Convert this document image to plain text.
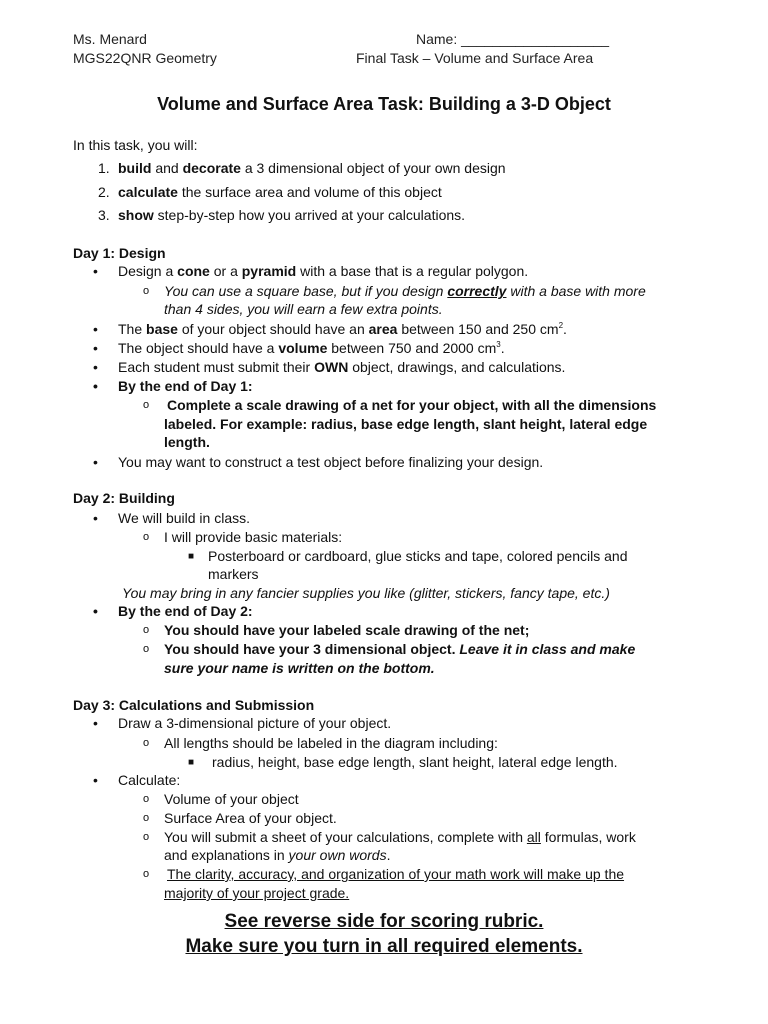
Ms. Menard
MGS22QNR Geometry
Name: ___________________
Final Task – Volume and Surface Area
Volume and Surface Area Task: Building a 3-D Object
In this task, you will:
1. build and decorate a 3 dimensional object of your own design
2. calculate the surface area and volume of this object
3. show step-by-step how you arrived at your calculations.
Day 1: Design
• Design a cone or a pyramid with a base that is a regular polygon.
o You can use a square base, but if you design correctly with a base with more
than 4 sides, you will earn a few extra points.
• The base of your object should have an area between 150 and 250 $cm^2$.
• The object should have a volume between 750 and 2000 $cm^3$.
• Each student must submit their OWN object, drawings, and calculations.
• By the end of Day 1:
o Complete a scale drawing of a net for your object, with all the dimensions
labeled. For example: radius, base edge length, slant height, lateral edge
length.
• You may want to construct a test object before finalizing your design.
Day 2: Building
• We will build in class.
o I will provide basic materials:
■ Posterboard or cardboard, glue sticks and tape, colored pencils and
markers
You may bring in any fancier supplies you like (glitter, stickers, fancy tape, etc.)
• By the end of Day 2:
o You should have your labeled scale drawing of the net;
o You should have your 3 dimensional object. Leave it in class and make
sure your name is written on the bottom.
Day 3: Calculations and Submission
• Draw a 3-dimensional picture of your object.
o All lengths should be labeled in the diagram including:
■ radius, height, base edge length, slant height, lateral edge length.
• Calculate:
o Volume of your object
o Surface Area of your object.
o You will submit a sheet of your calculations, complete with all formulas, work
and explanations in your own words.
o The clarity, accuracy, and organization of your math work will make up the
majority of your project grade.
See reverse side for scoring rubric.
Make sure you turn in all required elements.
